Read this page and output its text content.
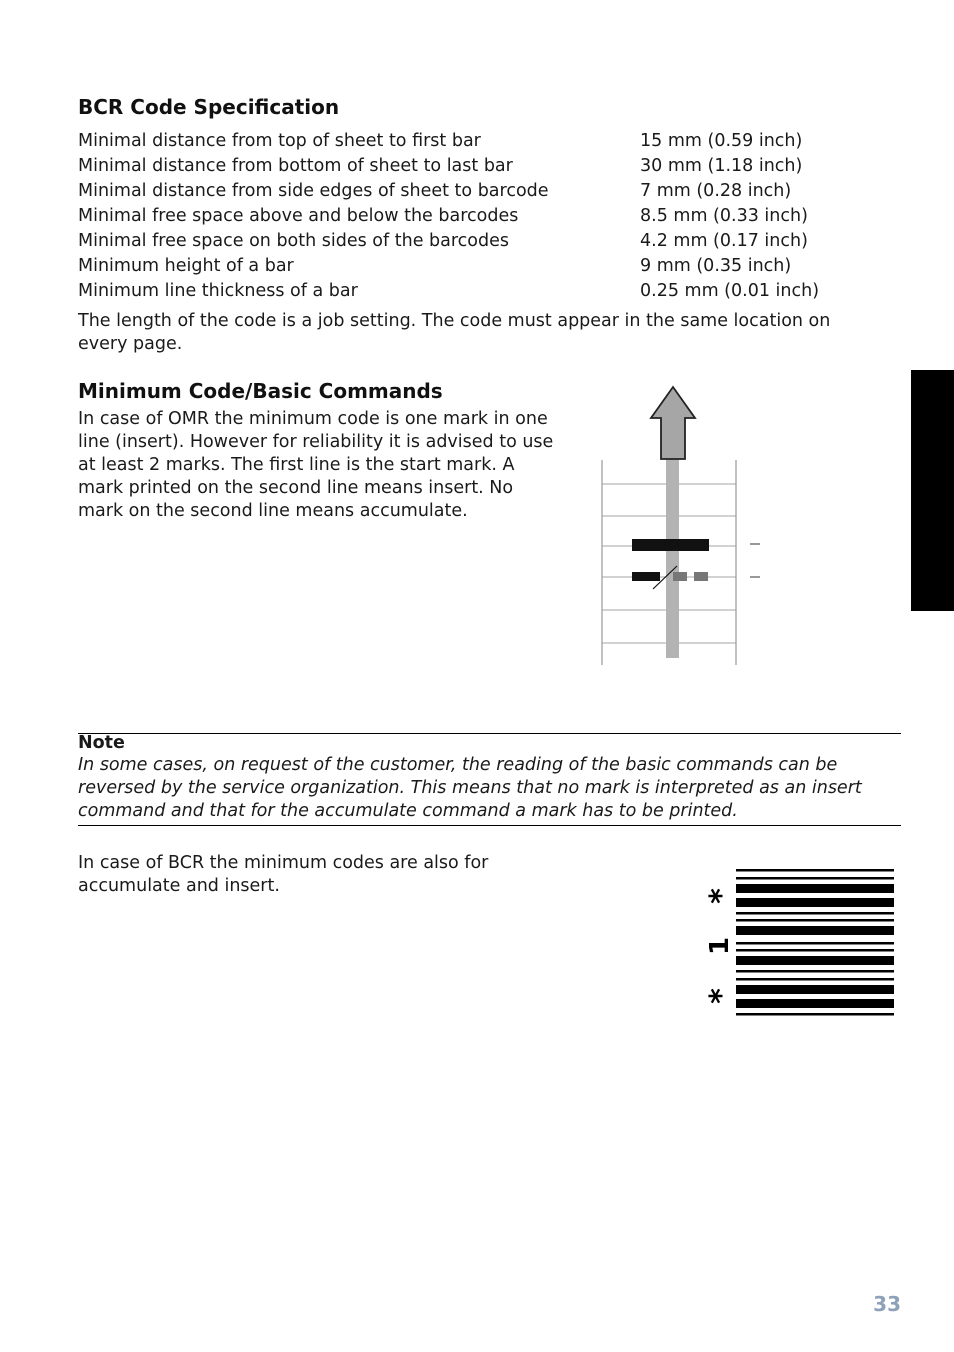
BCR Code Specification
Minimal distance from top of sheet to first bar	15 mm (0.59 inch)
Minimal distance from bottom of sheet to last bar	30 mm (1.18 inch)
Minimal distance from side edges of sheet to barcode	7 mm (0.28 inch)
Minimal free space above and below the barcodes	8.5 mm (0.33 inch)
Minimal free space on both sides of the barcodes	4.2 mm (0.17 inch)
Minimum height of a bar	9 mm (0.35 inch)
Minimum line thickness of a bar	0.25 mm (0.01 inch)

The length of the code is a job setting. The code must appear in the same location on every page.

Minimum Code/Basic Commands

In case of OMR the minimum code is one mark in one line (insert). However for reliability it is advised to use at least 2 marks. The first line is the start mark. A mark printed on the second line means insert. No mark on the second line means accumulate.

Note

In some cases, on request of the customer, the reading of the basic commands can be reversed by the service organization. This means that no mark is interpreted as an insert command and that for the accumulate command a mark has to be printed.

In case of BCR the minimum codes are also for accumulate and insert.	*
1
*
33
